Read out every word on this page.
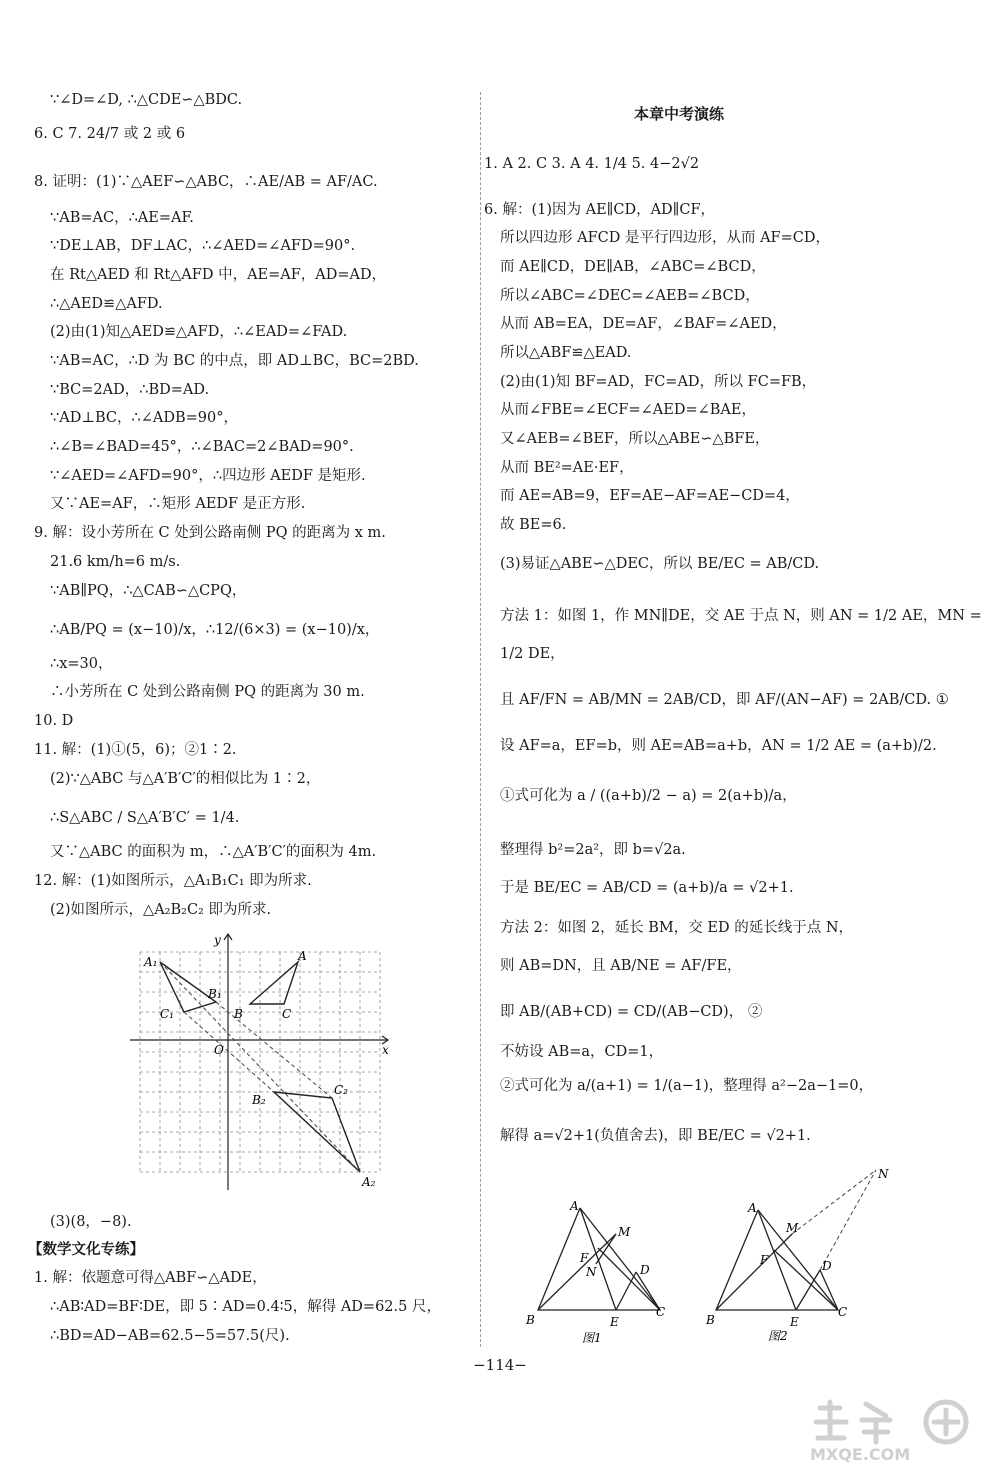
∵∠D=∠D, ∴△CDE∽△BDC.
6. C 7. 24/7 或 2 或 6
8. 证明：(1)∵△AEF∽△ABC，∴AE/AB = AF/AC.
∵AB=AC，∴AE=AF.
∵DE⊥AB，DF⊥AC，∴∠AED=∠AFD=90°.
在 Rt△AED 和 Rt△AFD 中，AE=AF，AD=AD，
∴△AED≌△AFD.
(2)由(1)知△AED≌△AFD，∴∠EAD=∠FAD.
∵AB=AC，∴D 为 BC 的中点，即 AD⊥BC，BC=2BD.
∵BC=2AD，∴BD=AD.
∵AD⊥BC，∴∠ADB=90°，
∴∠B=∠BAD=45°，∴∠BAC=2∠BAD=90°.
∵∠AED=∠AFD=90°，∴四边形 AEDF 是矩形.
又∵AE=AF，∴矩形 AEDF 是正方形.
9. 解：设小芳所在 C 处到公路南侧 PQ 的距离为 x m.
21.6 km/h=6 m/s.
∵AB∥PQ，∴△CAB∽△CPQ，
∴AB/PQ = (x−10)/x，∴12/(6×3) = (x−10)/x，
∴x=30，
∴小芳所在 C 处到公路南侧 PQ 的距离为 30 m.
10. D
11. 解：(1)①(5，6)；②1∶2.
(2)∵△ABC 与△A′B′C′的相似比为 1∶2，
∴S△ABC / S△A′B′C′ = 1/4.
又∵△ABC 的面积为 m，∴△A′B′C′的面积为 4m.
12. 解：(1)如图所示，△A₁B₁C₁ 即为所求.
(2)如图所示，△A₂B₂C₂ 即为所求.
(3)(8，−8).
【数学文化专练】
1. 解：依题意可得△ABF∽△ADE，
∴AB∶AD=BF∶DE，即 5∶AD=0.4∶5，解得 AD=62.5 尺，
∴BD=AD−AB=62.5−5=57.5(尺).
x
y
O
A₁
B₁
C₁
A
B	C
B₂
C₂
A₂
本章中考演练
1. A 2. C 3. A 4. 1/4 5. 4−2√2
6. 解：(1)因为 AE∥CD，AD∥CF，
所以四边形 AFCD 是平行四边形，从而 AF=CD，
而 AE∥CD，DE∥AB，∠ABC=∠BCD，
所以∠ABC=∠DEC=∠AEB=∠BCD，
从而 AB=EA，DE=AF，∠BAF=∠AED，
所以△ABF≌△EAD.
(2)由(1)知 BF=AD，FC=AD，所以 FC=FB，
从而∠FBE=∠ECF=∠AED=∠BAE，
又∠AEB=∠BEF，所以△ABE∽△BFE，
从而 BE²=AE·EF，
而 AE=AB=9，EF=AE−AF=AE−CD=4，
故 BE=6.
(3)易证△ABE∽△DEC，所以 BE/EC = AB/CD.
方法 1：如图 1，作 MN∥DE，交 AE 于点 N，则 AN = 1/2 AE，MN =
1/2 DE，
且 AF/FN = AB/MN = 2AB/CD，即 AF/(AN−AF) = 2AB/CD. ①
设 AF=a，EF=b，则 AE=AB=a+b，AN = 1/2 AE = (a+b)/2.
①式可化为 a / ((a+b)/2 − a) = 2(a+b)/a，
整理得 b²=2a²，即 b=√2a.
于是 BE/EC = AB/CD = (a+b)/a = √2+1.
方法 2：如图 2，延长 BM，交 ED 的延长线于点 N，
则 AB=DN，且 AB/NE = AF/FE，
即 AB/(AB+CD) = CD/(AB−CD)， ②
不妨设 AB=a，CD=1，
②式可化为 a/(a+1) = 1/(a−1)，整理得 a²−2a−1=0，
解得 a=√2+1(负值舍去)，即 BE/EC = √2+1.
A
B
C
D
E
F
M
N
图1
A
B
C
D
E
F
M
N
图2
−114−
MXQE.COM
